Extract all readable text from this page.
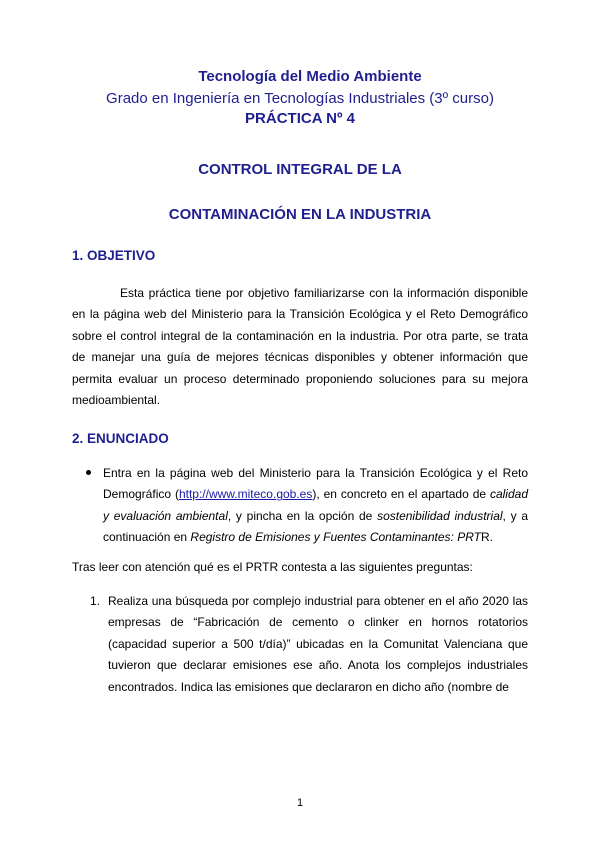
Tecnología del Medio Ambiente

Grado en Ingeniería en Tecnologías Industriales (3º curso)

PRÁCTICA Nº 4

CONTROL INTEGRAL DE LA

CONTAMINACIÓN EN LA INDUSTRIA

1. OBJETIVO

Esta práctica tiene por objetivo familiarizarse con la información disponible en la página web del Ministerio para la Transición Ecológica y el Reto Demográfico sobre el control integral de la contaminación en la industria. Por otra parte, se trata de manejar una guía de mejores técnicas disponibles y obtener información que permita evaluar un proceso determinado proponiendo soluciones para su mejora medioambiental.

2. ENUNCIADO

Entra en la página web del Ministerio para la Transición Ecológica y el Reto Demográfico (http://www.miteco.gob.es), en concreto en el apartado de calidad y evaluación ambiental, y pincha en la opción de sostenibilidad industrial, y a continuación en Registro de Emisiones y Fuentes Contaminantes: PRTR.

Tras leer con atención qué es el PRTR contesta a las siguientes preguntas:

1. Realiza una búsqueda por complejo industrial para obtener en el año 2020 las empresas de “Fabricación de cemento o clinker en hornos rotatorios (capacidad superior a 500 t/día)” ubicadas en la Comunitat Valenciana que tuvieron que declarar emisiones ese año. Anota los complejos industriales encontrados. Indica las emisiones que declararon en dicho año (nombre de

1
